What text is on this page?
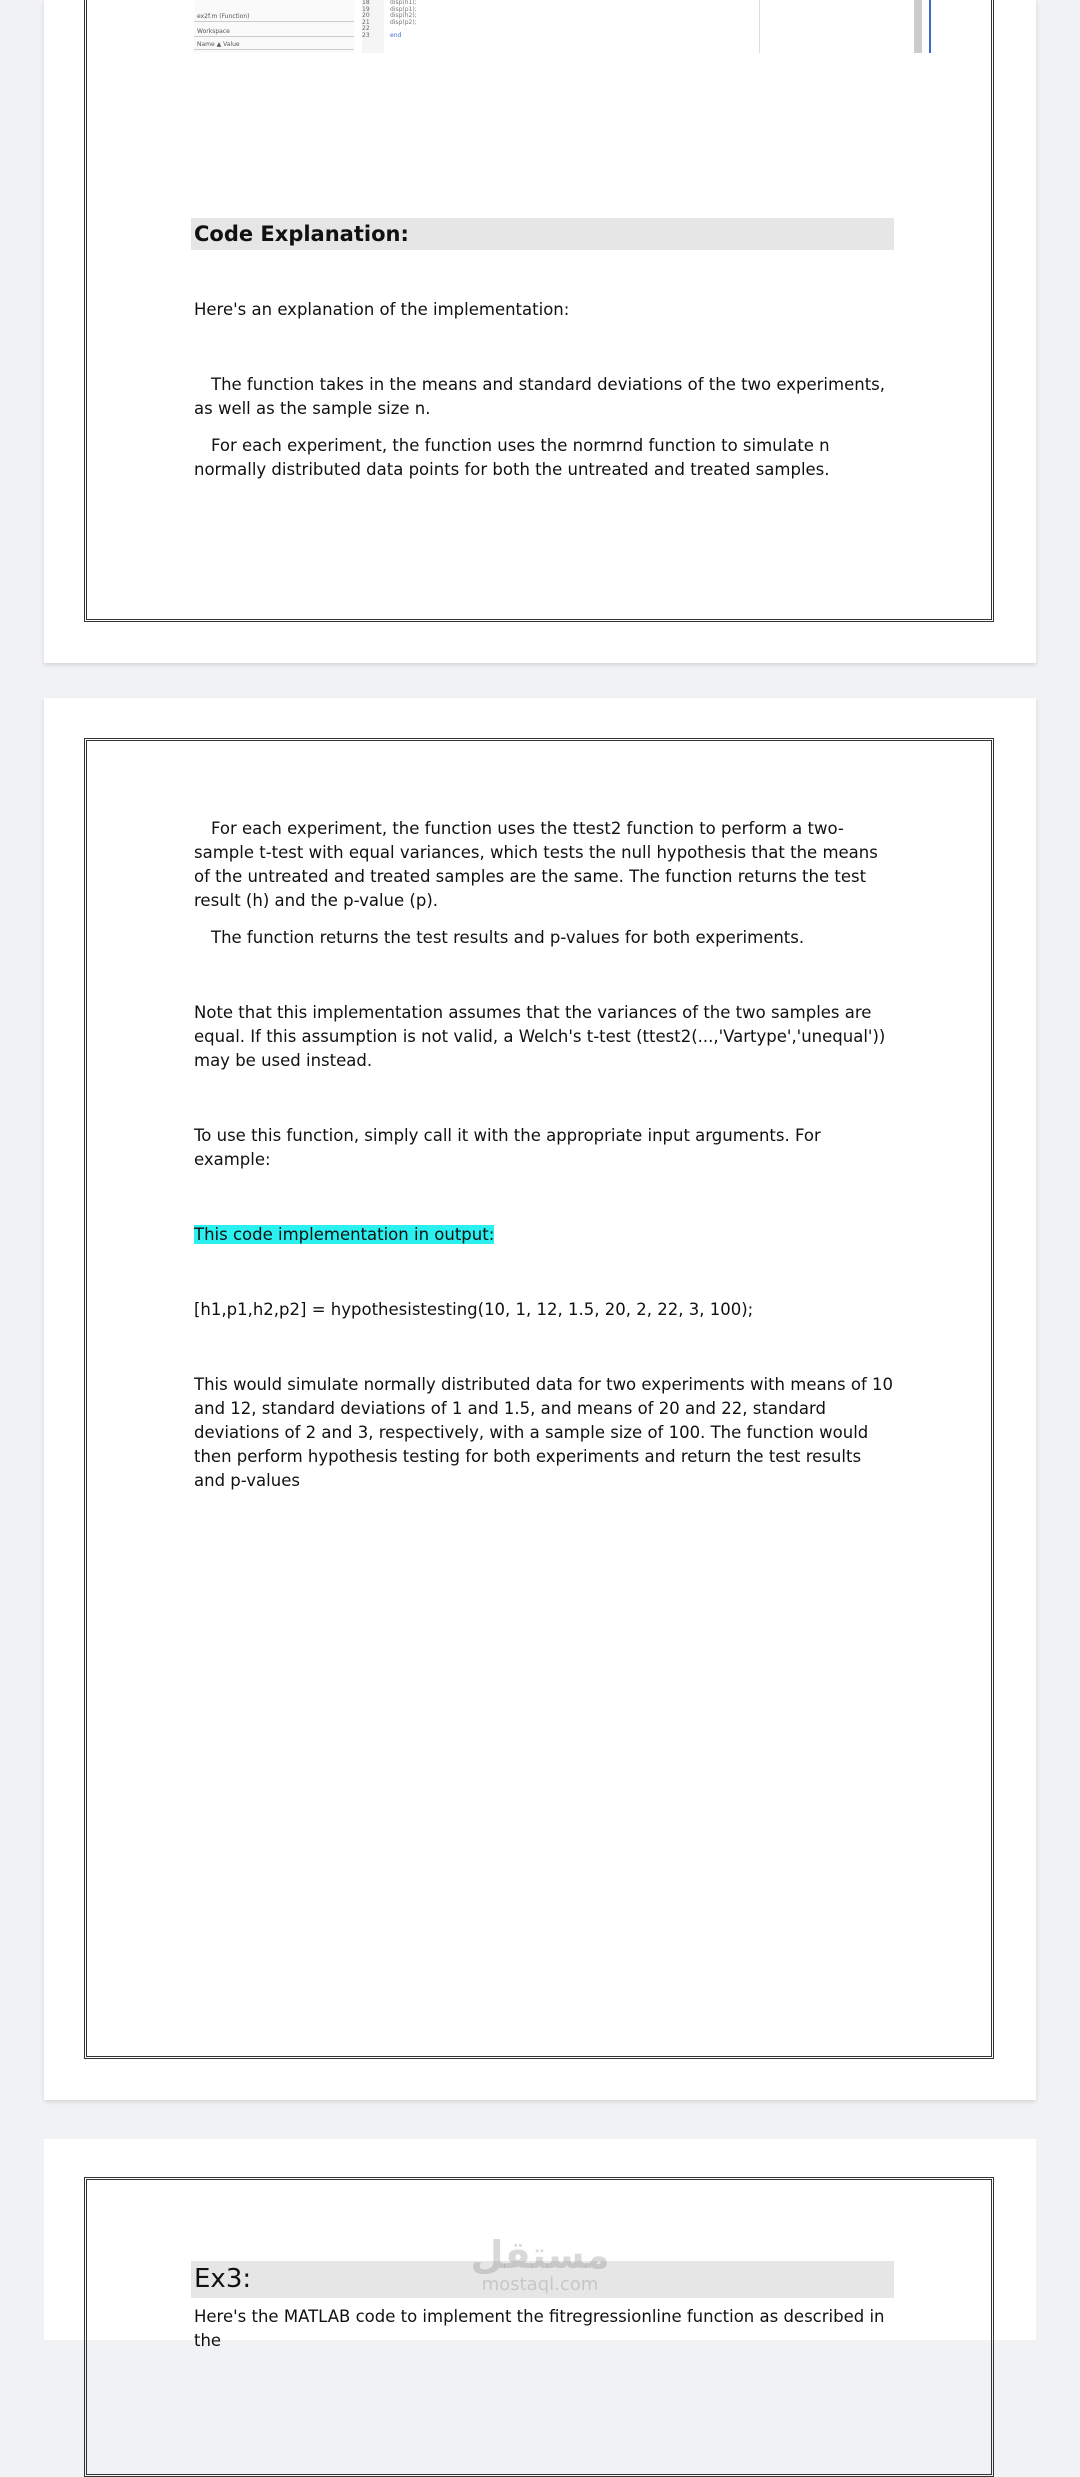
ex2f.m (Function)
Workspace
Name ▲ Value
18
19
20
21
22
23
disp(h1);
disp(p1);
disp(h2);
disp(p2);
end
Code Explanation:

Here's an explanation of the implementation:

The function takes in the means and standard deviations of the two experiments, as well as the sample size n.

For each experiment, the function uses the normrnd function to simulate n normally distributed data points for both the untreated and treated samples.

For each experiment, the function uses the ttest2 function to perform a two-sample t-test with equal variances, which tests the null hypothesis that the means of the untreated and treated samples are the same. The function returns the test result (h) and the p-value (p).

The function returns the test results and p-values for both experiments.

Note that this implementation assumes that the variances of the two samples are equal. If this assumption is not valid, a Welch's t-test (ttest2(...,'Vartype','unequal')) may be used instead.

To use this function, simply call it with the appropriate input arguments. For example:

This code implementation in output:

[h1,p1,h2,p2] = hypothesistesting(10, 1, 12, 1.5, 20, 2, 22, 3, 100);

This would simulate normally distributed data for two experiments with means of 10 and 12, standard deviations of 1 and 1.5, and means of 20 and 22, standard deviations of 2 and 3, respectively, with a sample size of 100. The function would then perform hypothesis testing for both experiments and return the test results and p-values

Ex3:

Here's the MATLAB code to implement the fitregressionline function as described in the

مستقل
mostaql.com
